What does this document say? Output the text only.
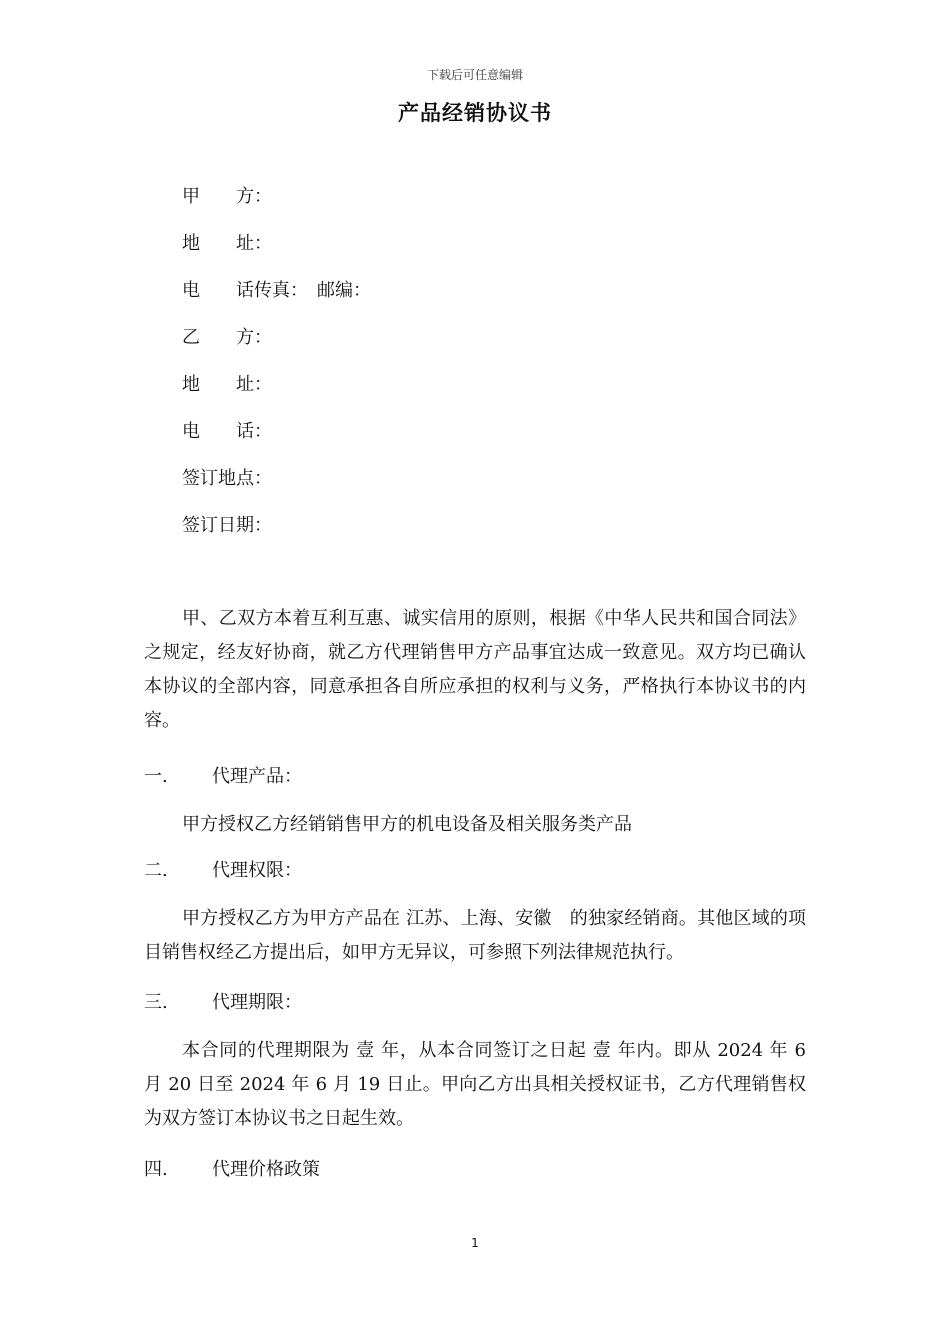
下载后可任意编辑
产品经销协议书
甲　　方：
地　　址：
电　　话传真：　邮编：
乙　　方：
地　　址：
电　　话：
签订地点：
签订日期：
甲、乙双方本着互利互惠、诚实信用的原则，根据《中华人民共和国合同法》之规定，经友好协商，就乙方代理销售甲方产品事宜达成一致意见。双方均已确认本协议的全部内容，同意承担各自所应承担的权利与义务，严格执行本协议书的内容。
一. 代理产品：
甲方授权乙方经销销售甲方的机电设备及相关服务类产品
二. 代理权限：
甲方授权乙方为甲方产品在 江苏、上海、安徽　的独家经销商。其他区域的项目销售权经乙方提出后，如甲方无异议，可参照下列法律规范执行。
三. 代理期限：
本合同的代理期限为 壹 年，从本合同签订之日起 壹 年内。即从 2024 年 6 月 20 日至 2024 年 6 月 19 日止。甲向乙方出具相关授权证书，乙方代理销售权为双方签订本协议书之日起生效。
四. 代理价格政策
1
